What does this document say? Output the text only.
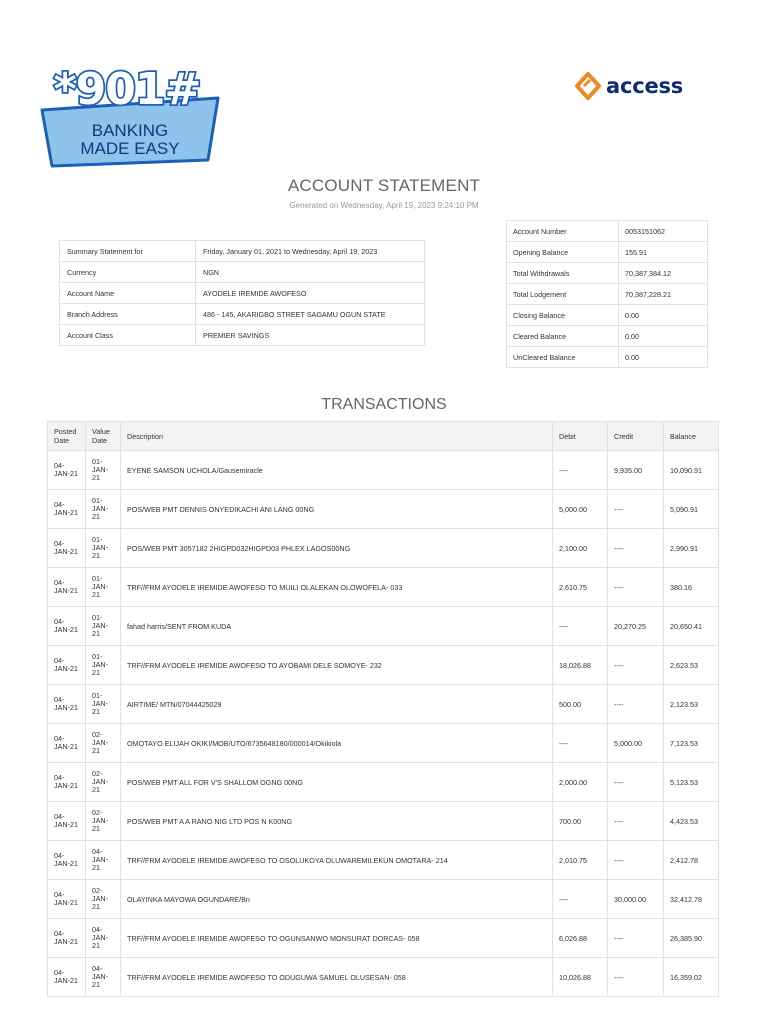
*901#
BANKING
MADE EASY
access
ACCOUNT STATEMENT
Generated on Wednesday, April 19, 2023 9:24:10 PM
Summary Statement for	Friday, January 01, 2021 to Wednesday, April 19, 2023
Currency	NGN
Account Name	AYODELE IREMIDE AWOFESO
Branch Address	486 - 145, AKARIGBO STREET SAGAMU OGUN STATE
Account Class	PREMIER SAVINGS
Account Number	0053151062
Opening Balance	155.91
Total Withdrawals	70,387,384.12
Total Lodgement	70,387,228.21
Closing Balance	0.00
Cleared Balance	0.00
UnCleared Balance	0.00
TRANSACTIONS
Posted
Date	Value
Date	Description	Debit	Credit	Balance

04-
JAN-21	01-
JAN-
21	EYENE SAMSON UCHOLA/Gausemiracle	----	9,935.00	10,090.91

04-
JAN-21	01-
JAN-
21	POS/WEB PMT DENNIS ONYEDIKACHI ANI LANG 00NG	5,000.00	----	5,090.91

04-
JAN-21	01-
JAN-
21	POS/WEB PMT 3057182 2HIGPD032HIGPD03 PHLEX LAGOS00NG	2,100.00	----	2,990.91

04-
JAN-21	01-
JAN-
21	TRF//FRM AYODELE IREMIDE AWOFESO TO MUILI OLALEKAN OLOWOFELA- 033	2,610.75	----	380.16

04-
JAN-21	01-
JAN-
21	fahad harris/SENT FROM KUDA	----	20,270.25	20,650.41

04-
JAN-21	01-
JAN-
21	TRF//FRM AYODELE IREMIDE AWOFESO TO AYOBAMI DELE SOMOYE- 232	18,026.88	----	2,623.53

04-
JAN-21	01-
JAN-
21	AIRTIME/ MTN/07044425029	500.00	----	2,123.53

04-
JAN-21	02-
JAN-
21	OMOTAYO ELIJAH OKIKI/MOB/UTO/6735648180/000014/Okikiola	----	5,000.00	7,123.53

04-
JAN-21	02-
JAN-
21	POS/WEB PMT ALL FOR V'S SHALLOM OGNG 00NG	2,000.00	----	5,123.53

04-
JAN-21	02-
JAN-
21	POS/WEB PMT A A RANO NIG LTD POS N K00NG	700.00	----	4,423.53

04-
JAN-21	04-
JAN-
21	TRF//FRM AYODELE IREMIDE AWOFESO TO OSOLUKOYA OLUWAREMILEKUN OMOTARA- 214	2,010.75	----	2,412.78

04-
JAN-21	02-
JAN-
21	OLAYINKA MAYOWA OGUNDARE/Bn	----	30,000.00	32,412.78

04-
JAN-21	04-
JAN-
21	TRF//FRM AYODELE IREMIDE AWOFESO TO OGUNSANWO MONSURAT DORCAS- 058	6,026.88	----	26,385.90

04-
JAN-21	04-
JAN-
21	TRF//FRM AYODELE IREMIDE AWOFESO TO ODUGUWA SAMUEL OLUSESAN- 058	10,026.88	----	16,359.02
